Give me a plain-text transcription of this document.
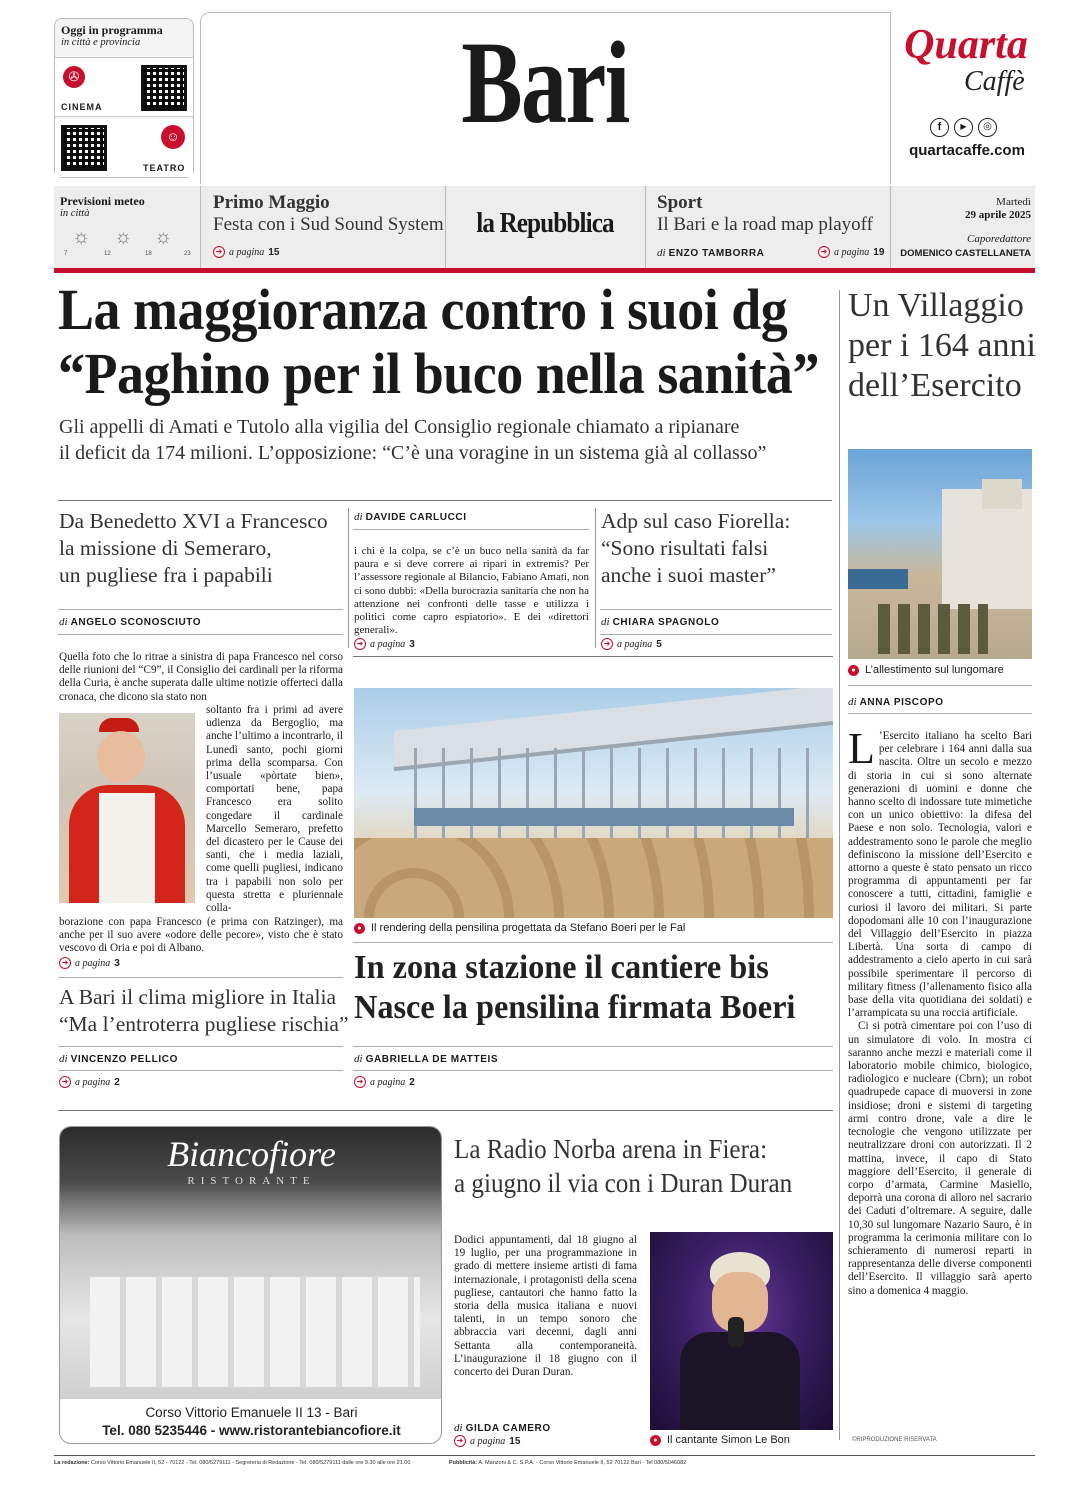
Oggi in programma
in città e provincia
✇
CINEMA
☺
TEATRO
Bari	Quarta
Caffè
f	▶	◎
quartacaffe.com
Previsioni meteo
in città
☼ ☼ ☼
7	12	18	23
Primo Maggio
Festa con i Sud Sound System
➜ a pagina 15
la Repubblica
Sport
Il Bari e la road map playoff
di ENZO TAMBORRA	➜ a pagina 19
Martedì
29 aprile 2025
Caporedattore
DOMENICO CASTELLANETA
La maggioranza contro i suoi dg
“Paghino per il buco nella sanità”
Gli appelli di Amati e Tutolo alla vigilia del Consiglio regionale chiamato a ripianare
il deficit da 174 milioni. L’opposizione: “C’è una voragine in un sistema già al collasso”
Un Villaggio
per i 164 anni
dell’Esercito
● L’allestimento sul lungomare
di ANNA PISCOPO
L ’Esercito italiano ha scelto Bari per celebrare i 164 anni dalla sua nascita. Oltre un secolo e mezzo di storia in cui si sono alternate generazioni di uomini e donne che hanno scelto di indossare tute mimetiche con un unico obiettivo: la difesa del Paese e non solo. Tecnologia, valori e addestramento sono le parole che meglio definiscono la missione dell’Esercito e attorno a queste è stato pensato un ricco programma di appuntamenti per far conoscere a tutti, cittadini, famiglie e curiosi il lavoro dei militari. Si parte dopodomani alle 10 con l’inaugurazione del Villaggio dell’Esercito in piazza Libertà. Una sorta di campo di addestramento a cielo aperto in cui sarà possibile sperimentare il percorso di military fitness (l’allenamento fisico alla base della vita quotidiana dei soldati) e l’arrampicata su una roccia artificiale.
Ci si potrà cimentare poi con l’uso di un simulatore di volo. In mostra ci saranno anche mezzi e materiali come il laboratorio mobile chimico, biologico, radiologico e nucleare (Cbrn); un robot quadrupede capace di muoversi in zone insidiose; droni e sistemi di targeting armi contro drone, vale a dire le tecnologie che vengono utilizzate per neutralizzare droni con autorizzati. Il 2 mattina, invece, il capo di Stato maggiore dell’Esercito, il generale di corpo d’armata, Carmine Masiello, deporrà una corona di alloro nel sacrario dei Caduti d’oltremare. A seguire, dalle 10,30 sul lungomare Nazario Sauro, è in programma la cerimonia militare con lo schieramento di numerosi reparti in rappresentanza delle diverse componenti dell’Esercito. Il villaggio sarà aperto sino a domenica 4 maggio.
©RIPRODUZIONE RISERVATA
Da Benedetto XVI a Francesco
la missione di Semeraro,
un pugliese fra i papabili
di ANGELO SCONOSCIUTO
Quella foto che lo ritrae a sinistra di papa Francesco nel corso delle riunioni del “C9”, il Consiglio dei cardinali per la riforma della Curia, è anche superata dalle ultime notizie offerteci dalla cronaca, che dicono sia stato non
soltanto fra i primi ad avere udienza da Bergoglio, ma anche l’ultimo a incontrarlo, il Lunedì santo, pochi giorni prima della scomparsa. Con l’usuale «pòrtate bien», comportati bene, papa Francesco era solito congedare il cardinale Marcello Semeraro, prefetto del dicastero per le Cause dei santi, che i media laziali, come quelli pugliesi, indicano tra i papabili non solo per questa stretta e pluriennale colla-
borazione con papa Francesco (e prima con Ratzinger), ma anche per il suo avere «odore delle pecore», visto che è stato vescovo di Oria e poi di Albano.
➜ a pagina 3
di DAVIDE CARLUCCI
i chi è la colpa, se c’è un buco nella sanità da far paura e si deve correre ai ripari in extremis? Per l’assessore regionale al Bilancio, Fabiano Amati, non ci sono dubbi: «Della burocrazia sanitaria che non ha attenzione nei confronti delle tasse e utilizza i politici come capro espiatorio». E dei «direttori generali».
➜ a pagina 3
Adp sul caso Fiorella:
“Sono risultati falsi
anche i suoi master”
di CHIARA SPAGNOLO
➜ a pagina 5
● Il rendering della pensilina progettata da Stefano Boeri per le Fal
In zona stazione il cantiere bis
Nasce la pensilina firmata Boeri
di GABRIELLA DE MATTEIS
➜ a pagina 2
A Bari il clima migliore in Italia
“Ma l’entroterra pugliese rischia”
di VINCENZO PELLICO
➜ a pagina 2
Biancofiore
RISTORANTE
Corso Vittorio Emanuele II 13 - Bari
Tel. 080 5235446 - www.ristorantebiancofiore.it
La Radio Norba arena in Fiera:
a giugno il via con i Duran Duran
Dodici appuntamenti, dal 18 giugno al 19 luglio, per una programmazione in grado di mettere insieme artisti di fama internazionale, i protagonisti della scena pugliese, cantautori che hanno fatto la storia della musica italiana e nuovi talenti, in un tempo sonoro che abbraccia vari decenni, dagli anni Settanta alla contemporaneità. L’inaugurazione il 18 giugno con il concerto dei Duran Duran.
di GILDA CAMERO
➜ a pagina 15	● Il cantante Simon Le Bon
La redazione: Corso Vittorio Emanuele II, 52 - 70122 - Tel. 080/5279111 - Segreteria di Redazione - Tel. 080/5279111 dalle ore 9.30 alle ore 21.00	Pubblicità: A. Manzoni & C. S.P.A. - Corso Vittorio Emanuele II, 52 70122 Bari - Tel 080/5046082
